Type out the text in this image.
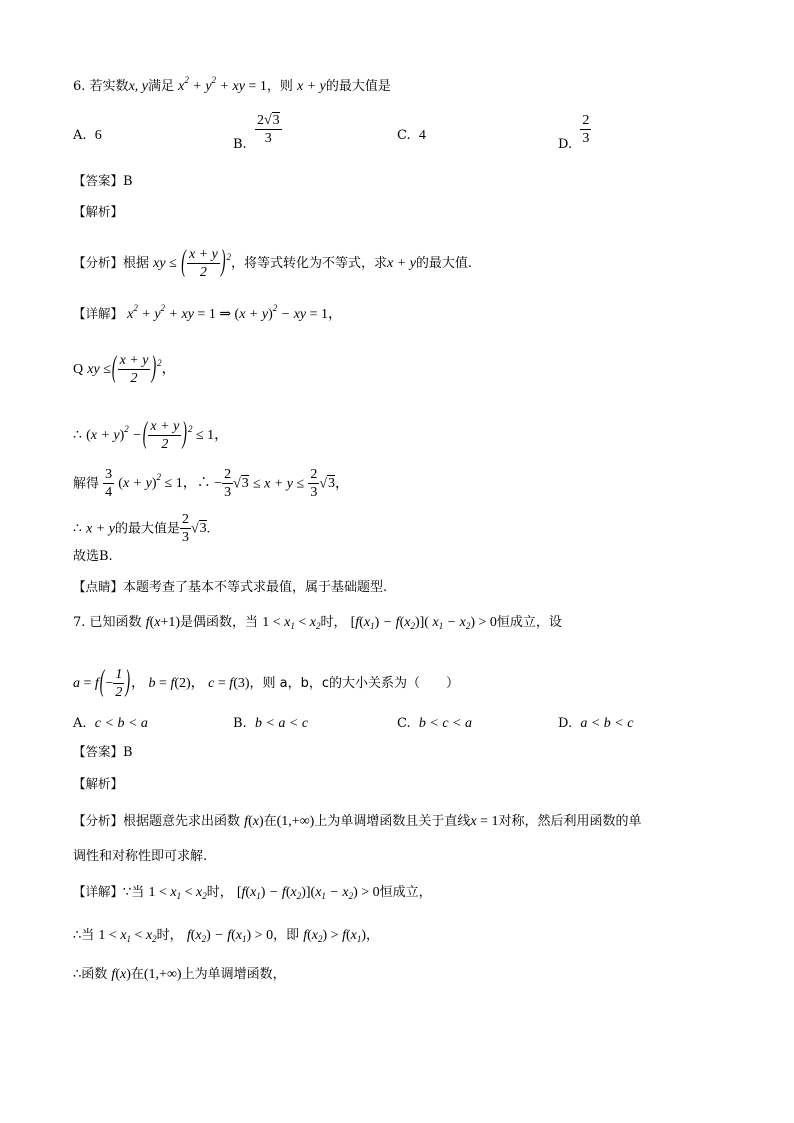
6. 若实数x, y满足 $x^2 + y^2$ + xy = 1，则 x + y的最大值是
A. 6
B. $\frac{2√3}{3}$	C. 4
D. $\frac{2}{3}$
【答案】B
【解析】
【分析】根据 xy ≤ ( $\frac{x + y}{2} )^2$，将等式转化为不等式，求x + y的最大值.
【详解】 $x^2 + y^2$ + xy = 1 ⇒ $(x + y)^2$ − xy = 1，
Q xy ≤( $\frac{x + y}{2} )^2$，
∴ $(x + y)^2$ −( $\frac{x + y}{2} )^2 \le 1$，
解得 $\frac{3}{4} (x + y)^2 \le 1$，∴ − $\frac{2}{3} √3 \le x + y \le \frac{2}{3} √3$，
∴ x + y的最大值是 $\frac{2}{3} √3$.
故选B.
【点睛】本题考查了基本不等式求最值，属于基础题型.
7. 已知函数 f(x+1)是偶函数，当 $1 < x_1 < x_2$时， $[f(x_1) - f(x_2)]$( $x_1 - x_2) > 0$恒成立，设
$a = f(- \frac{1}{2}$ )， b = f(2)， c = f(3)，则 a，b，c的大小关系为（　　）
A. c < b < a	B. b < a < c	C. b < c < a	D. a < b < c
【答案】B
【解析】
【分析】根据题意先求出函数 f(x)在(1,+∞)上为单调增函数且关于直线x = 1对称，然后利用函数的单
调性和对称性即可求解.
【详解】∵当 $1 < x_1 < x_2$时， $[f(x_1) - f(x_2)](x_1 - x_2) > 0$恒成立，
∴当 $1 < x_1 < x_2$时， $f(x_2) - f(x_1) > 0$，即 $f(x_2) > f(x_1)$，
∴函数 f(x)在(1,+∞)上为单调增函数，
